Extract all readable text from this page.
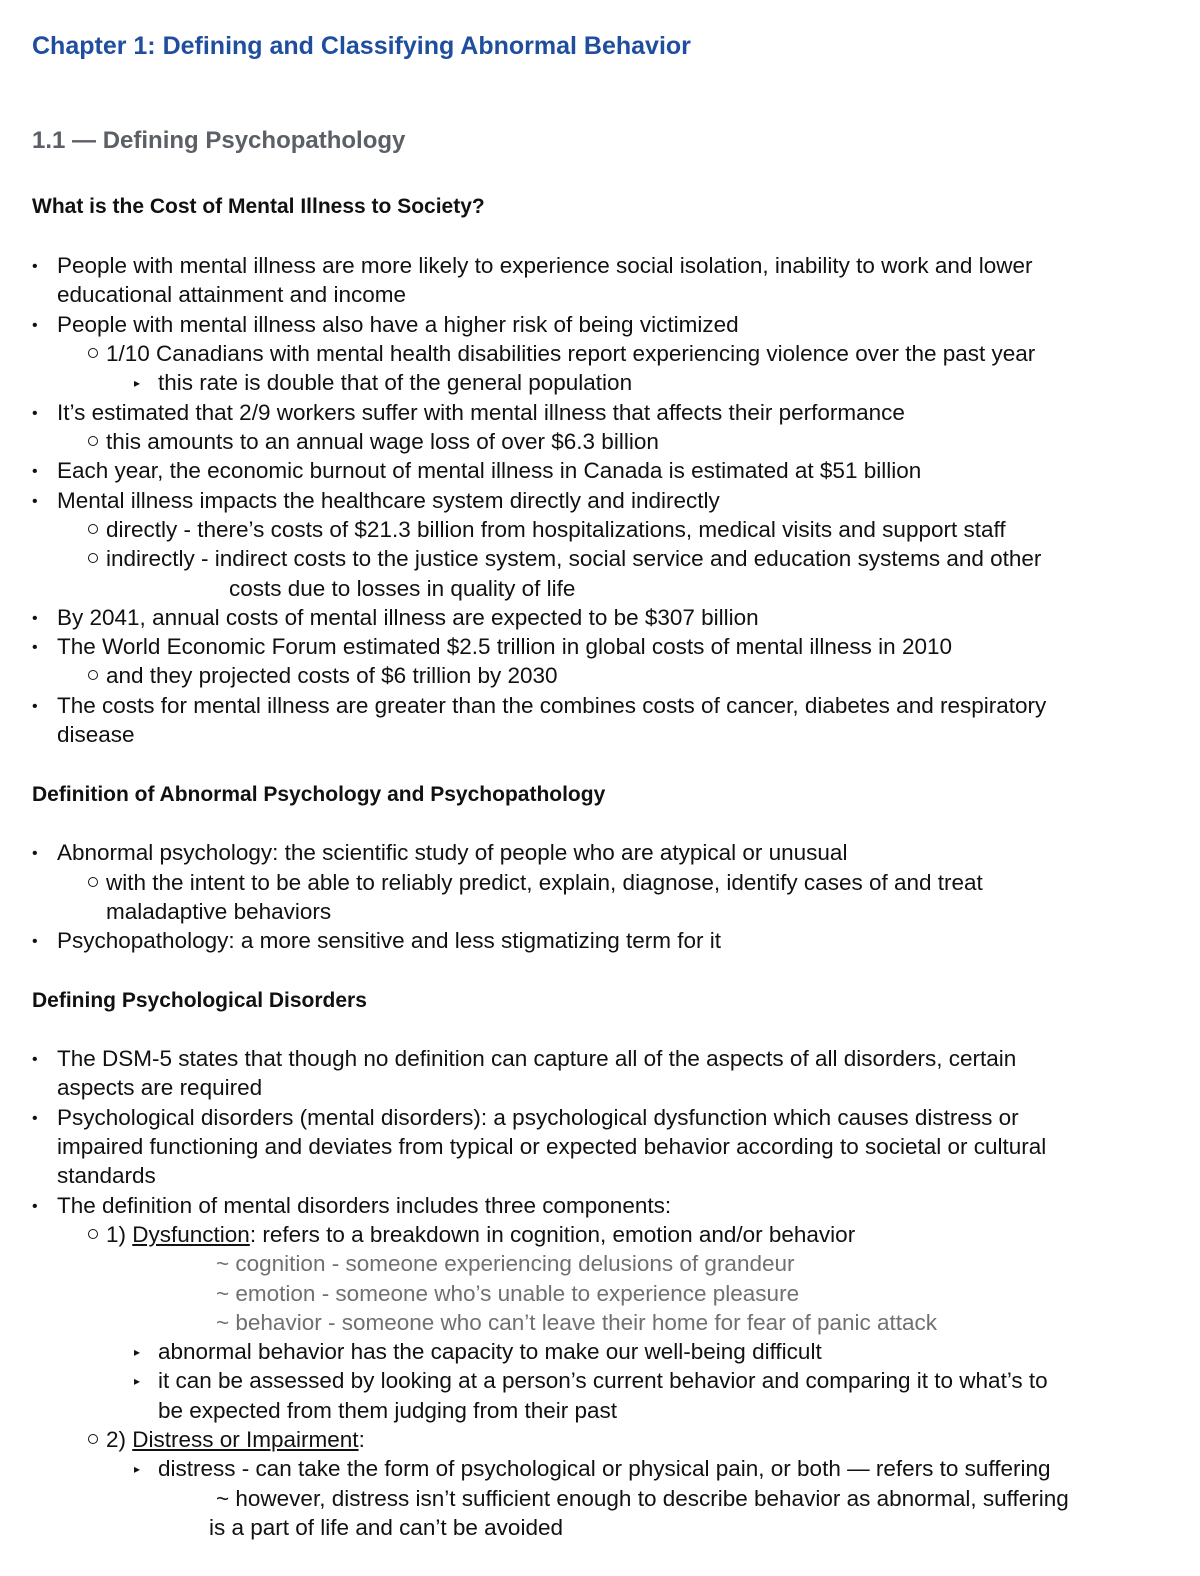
Chapter 1: Defining and Classifying Abnormal Behavior
1.1 — Defining Psychopathology
What is the Cost of Mental Illness to Society?
• People with mental illness are more likely to experience social isolation, inability to work and lower
educational attainment and income
• People with mental illness also have a higher risk of being victimized
1/10 Canadians with mental health disabilities report experiencing violence over the past year
▸ this rate is double that of the general population
• It’s estimated that 2/9 workers suffer with mental illness that affects their performance
this amounts to an annual wage loss of over $6.3 billion
• Each year, the economic burnout of mental illness in Canada is estimated at $51 billion
• Mental illness impacts the healthcare system directly and indirectly
directly - there’s costs of $21.3 billion from hospitalizations, medical visits and support staff
indirectly - indirect costs to the justice system, social service and education systems and other
costs due to losses in quality of life
• By 2041, annual costs of mental illness are expected to be $307 billion
• The World Economic Forum estimated $2.5 trillion in global costs of mental illness in 2010
and they projected costs of $6 trillion by 2030
• The costs for mental illness are greater than the combines costs of cancer, diabetes and respiratory
disease
Definition of Abnormal Psychology and Psychopathology
• Abnormal psychology: the scientific study of people who are atypical or unusual
with the intent to be able to reliably predict, explain, diagnose, identify cases of and treat
maladaptive behaviors
• Psychopathology: a more sensitive and less stigmatizing term for it
Defining Psychological Disorders
• The DSM-5 states that though no definition can capture all of the aspects of all disorders, certain
aspects are required
• Psychological disorders (mental disorders): a psychological dysfunction which causes distress or
impaired functioning and deviates from typical or expected behavior according to societal or cultural
standards
• The definition of mental disorders includes three components:
1) Dysfunction: refers to a breakdown in cognition, emotion and/or behavior
~ cognition - someone experiencing delusions of grandeur
~ emotion - someone who’s unable to experience pleasure
~ behavior - someone who can’t leave their home for fear of panic attack
▸ abnormal behavior has the capacity to make our well-being difficult
▸ it can be assessed by looking at a person’s current behavior and comparing it to what’s to
be expected from them judging from their past
2) Distress or Impairment:
▸ distress - can take the form of psychological or physical pain, or both — refers to suffering
~ however, distress isn’t sufficient enough to describe behavior as abnormal, suffering
is a part of life and can’t be avoided
